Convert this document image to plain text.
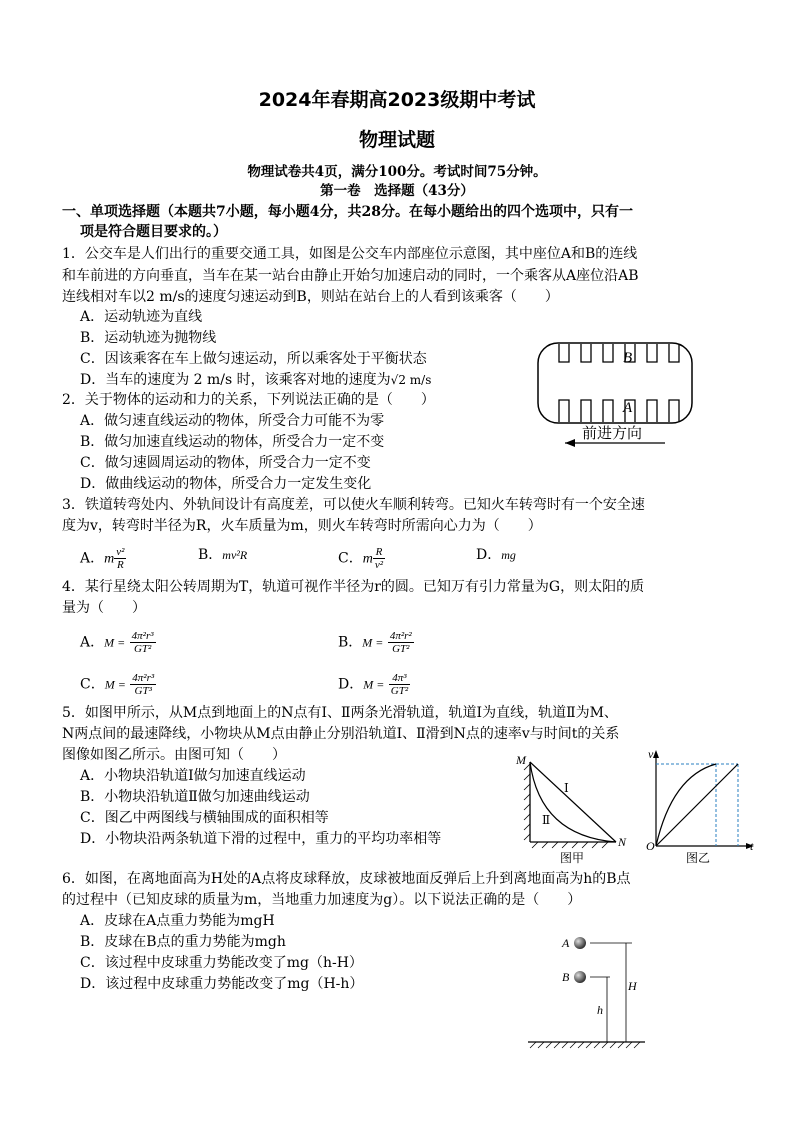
2024年春期高2023级期中考试
物理试题
物理试卷共4页，满分100分。考试时间75分钟。
第一卷　选择题（43分）
一、单项选择题（本题共7小题，每小题4分，共28分。在每小题给出的四个选项中，只有一
项是符合题目要求的。）
1．公交车是人们出行的重要交通工具，如图是公交车内部座位示意图，其中座位A和B的连线
和车前进的方向垂直，当车在某一站台由静止开始匀加速启动的同时，一个乘客从A座位沿AB
连线相对车以2 m/s的速度匀速运动到B，则站在站台上的人看到该乘客（　　）
A．运动轨迹为直线
B．运动轨迹为抛物线
C．因该乘客在车上做匀速运动，所以乘客处于平衡状态
D．当车的速度为 2 m/s 时，该乘客对地的速度为√2 m/s
B
A
前进方向
2．关于物体的运动和力的关系，下列说法正确的是（　　）
A．做匀速直线运动的物体，所受合力可能不为零
B．做匀加速直线运动的物体，所受合力一定不变
C．做匀速圆周运动的物体，所受合力一定不变
D．做曲线运动的物体，所受合力一定发生变化
3．铁道转弯处内、外轨间设计有高度差，可以使火车顺利转弯。已知火车转弯时有一个安全速
度为v，转弯时半径为R，火车质量为m，则火车转弯时所需向心力为（　　）
A．m $\frac{\text{v²}}{R}$	B．mv²R	C．m $\frac{R}{\text{v²}}$	D．mg
4．某行星绕太阳公转周期为T，轨道可视作半径为r的圆。已知万有引力常量为G，则太阳的质
量为（　　）
A．$M = \frac{\text{4π²r³}}{\text{GT²}}$	B．$M = \frac{\text{4π²r²}}{\text{GT²}}$
C．$M = \frac{\text{4π²r³}}{\text{GT³}}$	D．$M = \frac{\text{4π³}}{\text{GT²}}$
5．如图甲所示，从M点到地面上的N点有Ⅰ、Ⅱ两条光滑轨道，轨道Ⅰ为直线，轨道Ⅱ为M、
N两点间的最速降线，小物块从M点由静止分别沿轨道Ⅰ、Ⅱ滑到N点的速率v与时间t的关系
图像如图乙所示。由图可知（　　）
A．小物块沿轨道Ⅰ做匀加速直线运动
B．小物块沿轨道Ⅱ做匀加速曲线运动
C．图乙中两图线与横轴围成的面积相等
D．小物块沿两条轨道下滑的过程中，重力的平均功率相等
M
Ⅰ
Ⅱ
N
图甲
v
t
O
图乙
6．如图，在离地面高为H处的A点将皮球释放，皮球被地面反弹后上升到离地面高为h的B点
的过程中（已知皮球的质量为m，当地重力加速度为g）。以下说法正确的是（　　）
A．皮球在A点重力势能为mgH
B．皮球在B点的重力势能为mgh
C．该过程中皮球重力势能改变了mg（h-H）
D．该过程中皮球重力势能改变了mg（H-h）
A
B
h
H
